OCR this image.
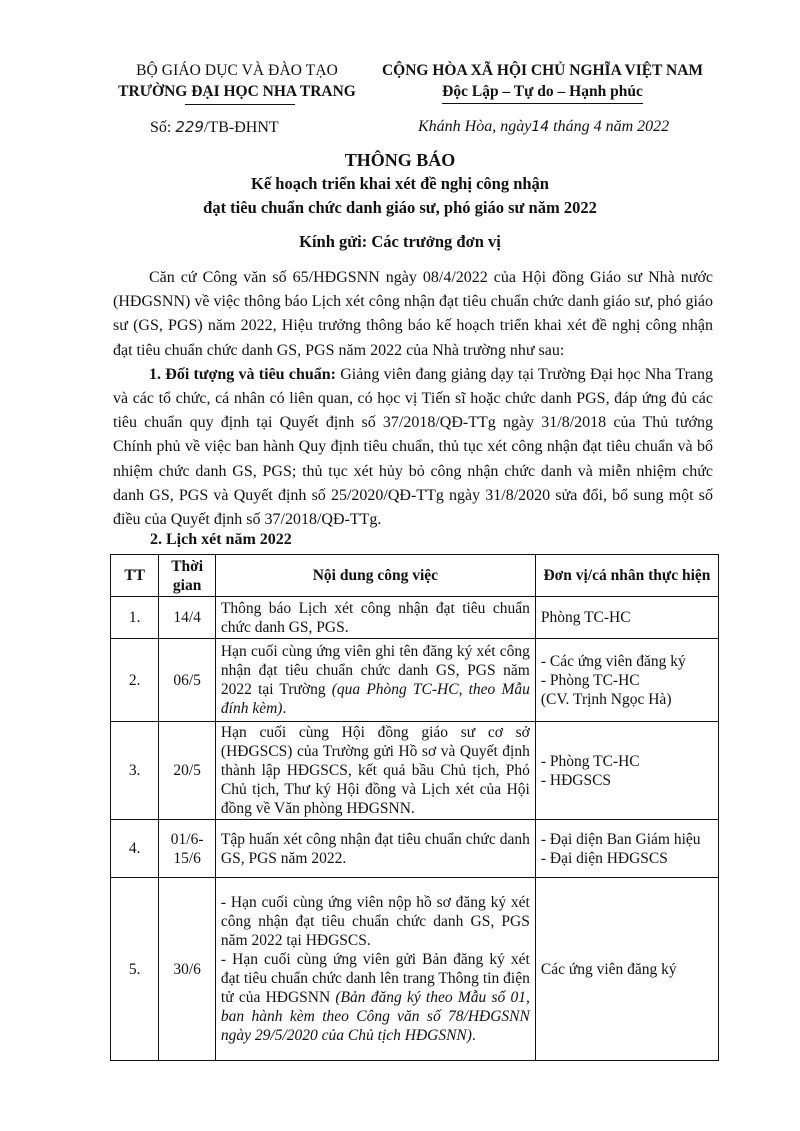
BỘ GIÁO DỤC VÀ ĐÀO TẠO
TRƯỜNG ĐẠI HỌC NHA TRANG
CỘNG HÒA XÃ HỘI CHỦ NGHĨA VIỆT NAM
Độc Lập – Tự do – Hạnh phúc
Số: 229/TB-ĐHNT	Khánh Hòa, ngày14 tháng 4 năm 2022
THÔNG BÁO
Kế hoạch triển khai xét đề nghị công nhận
đạt tiêu chuẩn chức danh giáo sư, phó giáo sư năm 2022
Kính gửi: Các trưởng đơn vị

Căn cứ Công văn số 65/HĐGSNN ngày 08/4/2022 của Hội đồng Giáo sư Nhà nước (HĐGSNN) về việc thông báo Lịch xét công nhận đạt tiêu chuẩn chức danh giáo sư, phó giáo sư (GS, PGS) năm 2022, Hiệu trưởng thông báo kế hoạch triển khai xét đề nghị công nhận đạt tiêu chuẩn chức danh GS, PGS năm 2022 của Nhà trường như sau:

1. Đối tượng và tiêu chuẩn: Giảng viên đang giảng dạy tại Trường Đại học Nha Trang và các tổ chức, cá nhân có liên quan, có học vị Tiến sĩ hoặc chức danh PGS, đáp ứng đủ các tiêu chuẩn quy định tại Quyết định số 37/2018/QĐ-TTg ngày 31/8/2018 của Thủ tướng Chính phủ về việc ban hành Quy định tiêu chuẩn, thủ tục xét công nhận đạt tiêu chuẩn và bổ nhiệm chức danh GS, PGS; thủ tục xét hủy bỏ công nhận chức danh và miễn nhiệm chức danh GS, PGS và Quyết định số 25/2020/QĐ-TTg ngày 31/8/2020 sửa đổi, bổ sung một số điều của Quyết định số 37/2018/QĐ-TTg.

2. Lịch xét năm 2022
TT	Thời gian	Nội dung công việc	Đơn vị/cá nhân thực hiện
1.	14/4	Thông báo Lịch xét công nhận đạt tiêu chuẩn chức danh GS, PGS.	Phòng TC-HC
2.	06/5	Hạn cuối cùng ứng viên ghi tên đăng ký xét công nhận đạt tiêu chuẩn chức danh GS, PGS năm 2022 tại Trường (qua Phòng TC-HC, theo Mẫu đính kèm).	- Các ứng viên đăng ký
- Phòng TC-HC
(CV. Trịnh Ngọc Hà)

3.	20/5	Hạn cuối cùng Hội đồng giáo sư cơ sở (HĐGSCS) của Trường gửi Hồ sơ và Quyết định thành lập HĐGSCS, kết quả bầu Chủ tịch, Phó Chủ tịch, Thư ký Hội đồng và Lịch xét của Hội đồng về Văn phòng HĐGSNN.	- Phòng TC-HC
- HĐGSCS

4.	01/6-
15/6	Tập huấn xét công nhận đạt tiêu chuẩn chức danh GS, PGS năm 2022.	- Đại diện Ban Giám hiệu
- Đại diện HĐGSCS

5.	30/6	- Hạn cuối cùng ứng viên nộp hồ sơ đăng ký xét công nhận đạt tiêu chuẩn chức danh GS, PGS năm 2022 tại HĐGSCS.
- Hạn cuối cùng ứng viên gửi Bản đăng ký xét đạt tiêu chuẩn chức danh lên trang Thông tin điện tử của HĐGSNN (Bản đăng ký theo Mẫu số 01, ban hành kèm theo Công văn số 78/HĐGSNN ngày 29/5/2020 của Chủ tịch HĐGSNN).	Các ứng viên đăng ký
